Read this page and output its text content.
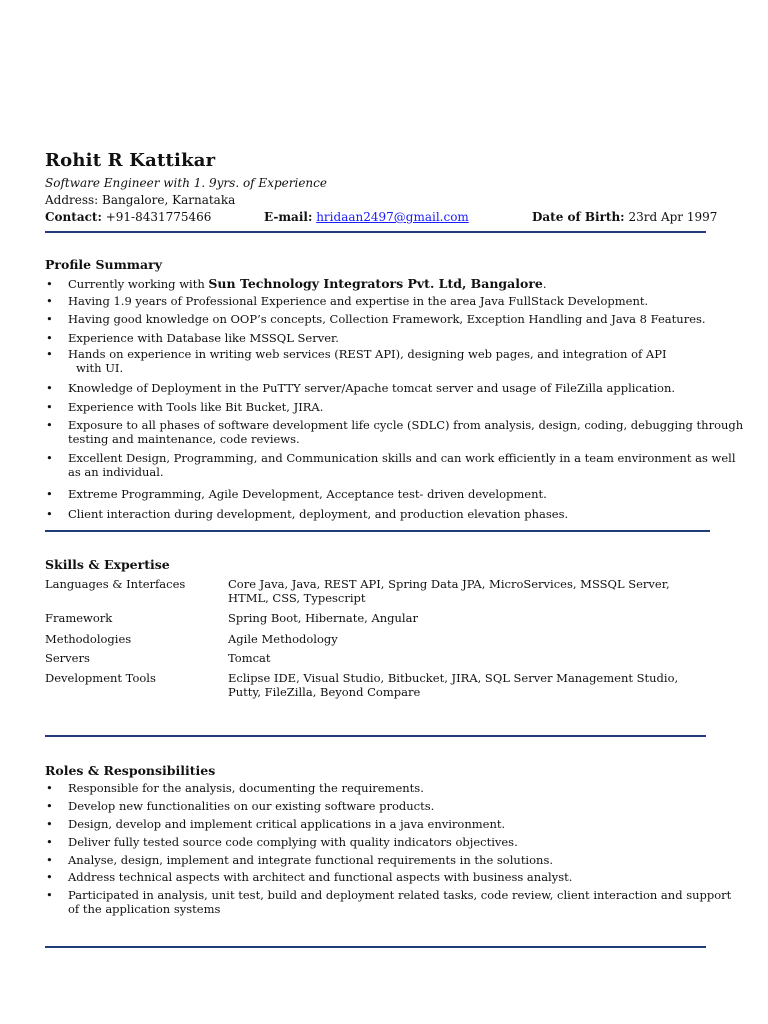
Rohit R Kattikar
Software Engineer with 1. 9yrs. of Experience
Address: Bangalore, Karnataka
Contact: +91-8431775466	E-mail: hridaan2497@gmail.com	Date of Birth: 23rd Apr 1997
Profile Summary
• Currently working with Sun Technology Integrators Pvt. Ltd, Bangalore.
• Having 1.9 years of Professional Experience and expertise in the area Java FullStack Development.
• Having good knowledge on OOP’s concepts, Collection Framework, Exception Handling and Java 8 Features.
• Experience with Database like MSSQL Server.
• Hands on experience in writing web services (REST API), designing web pages, and integration of API
with UI.
• Knowledge of Deployment in the PuTTY server/Apache tomcat server and usage of FileZilla application.
• Experience with Tools like Bit Bucket, JIRA.
• Exposure to all phases of software development life cycle (SDLC) from analysis, design, coding, debugging through
testing and maintenance, code reviews.
• Excellent Design, Programming, and Communication skills and can work efficiently in a team environment as well
as an individual.
• Extreme Programming, Agile Development, Acceptance test- driven development.
• Client interaction during development, deployment, and production elevation phases.
Skills & Expertise
Languages & Interfaces	Core Java, Java, REST API, Spring Data JPA, MicroServices, MSSQL Server,
HTML, CSS, Typescript
Framework	Spring Boot, Hibernate, Angular
Methodologies	Agile Methodology
Servers	Tomcat
Development Tools	Eclipse IDE, Visual Studio, Bitbucket, JIRA, SQL Server Management Studio,
Putty, FileZilla, Beyond Compare
Roles & Responsibilities
• Responsible for the analysis, documenting the requirements.
• Develop new functionalities on our existing software products.
• Design, develop and implement critical applications in a java environment.
• Deliver fully tested source code complying with quality indicators objectives.
• Analyse, design, implement and integrate functional requirements in the solutions.
• Address technical aspects with architect and functional aspects with business analyst.
• Participated in analysis, unit test, build and deployment related tasks, code review, client interaction and support
of the application systems
